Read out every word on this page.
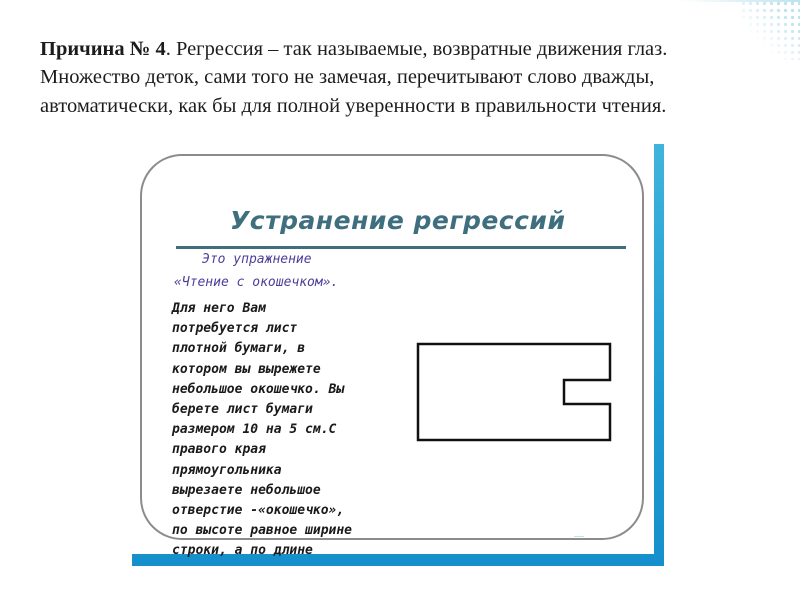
Причина № 4. Регрессия – так называемые, возвратные движения глаз. Множество деток, сами того не замечая, перечитывают слово дважды, автоматически, как бы для полной уверенности в правильности чтения.

Устранение регрессий
Это упражнение
«Чтение с окошечком».
Для него Вам
потребуется лист
плотной бумаги, в
котором вы вырежете
небольшое окошечко. Вы
берете лист бумаги
размером 10 на 5 см.С
правого края
прямоугольника
вырезаете небольшое
отверстие -«окошечко»,
по высоте равное ширине
строки, а по длине
